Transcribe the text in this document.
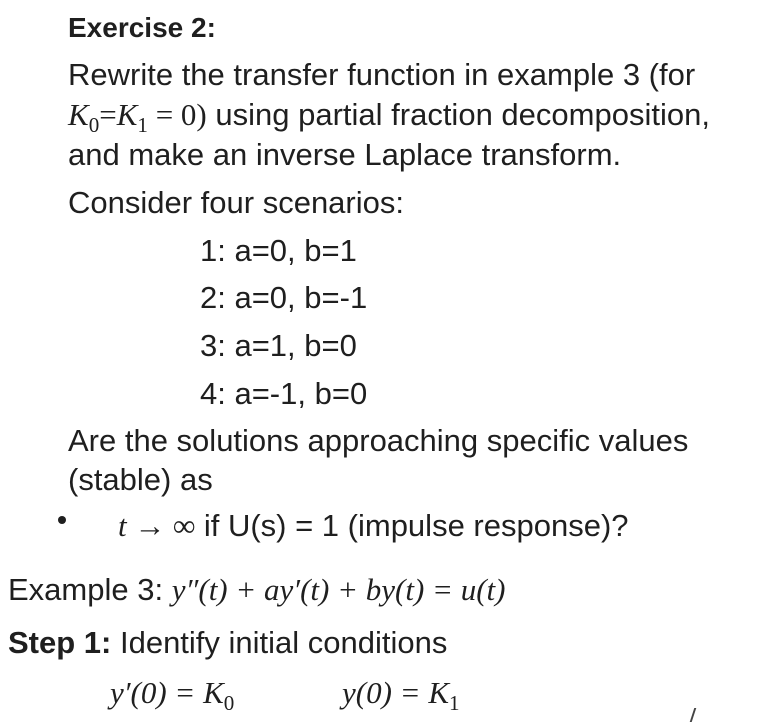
Exercise 2:
Rewrite the transfer function in example 3 (for
$K_0=K_1 = 0$) using partial fraction decomposition,
and make an inverse Laplace transform.
Consider four scenarios:
1: a=0, b=1
2: a=0, b=-1
3: a=1, b=0
4: a=-1, b=0
Are the solutions approaching specific values
(stable) as
t → ∞ if U(s) = 1 (impulse response)?
Example 3: y″(t) + ay′(t) + by(t) = u(t)
Step 1: Identify initial conditions
$y'(0) = K_0$	$y(0) = K_1$
